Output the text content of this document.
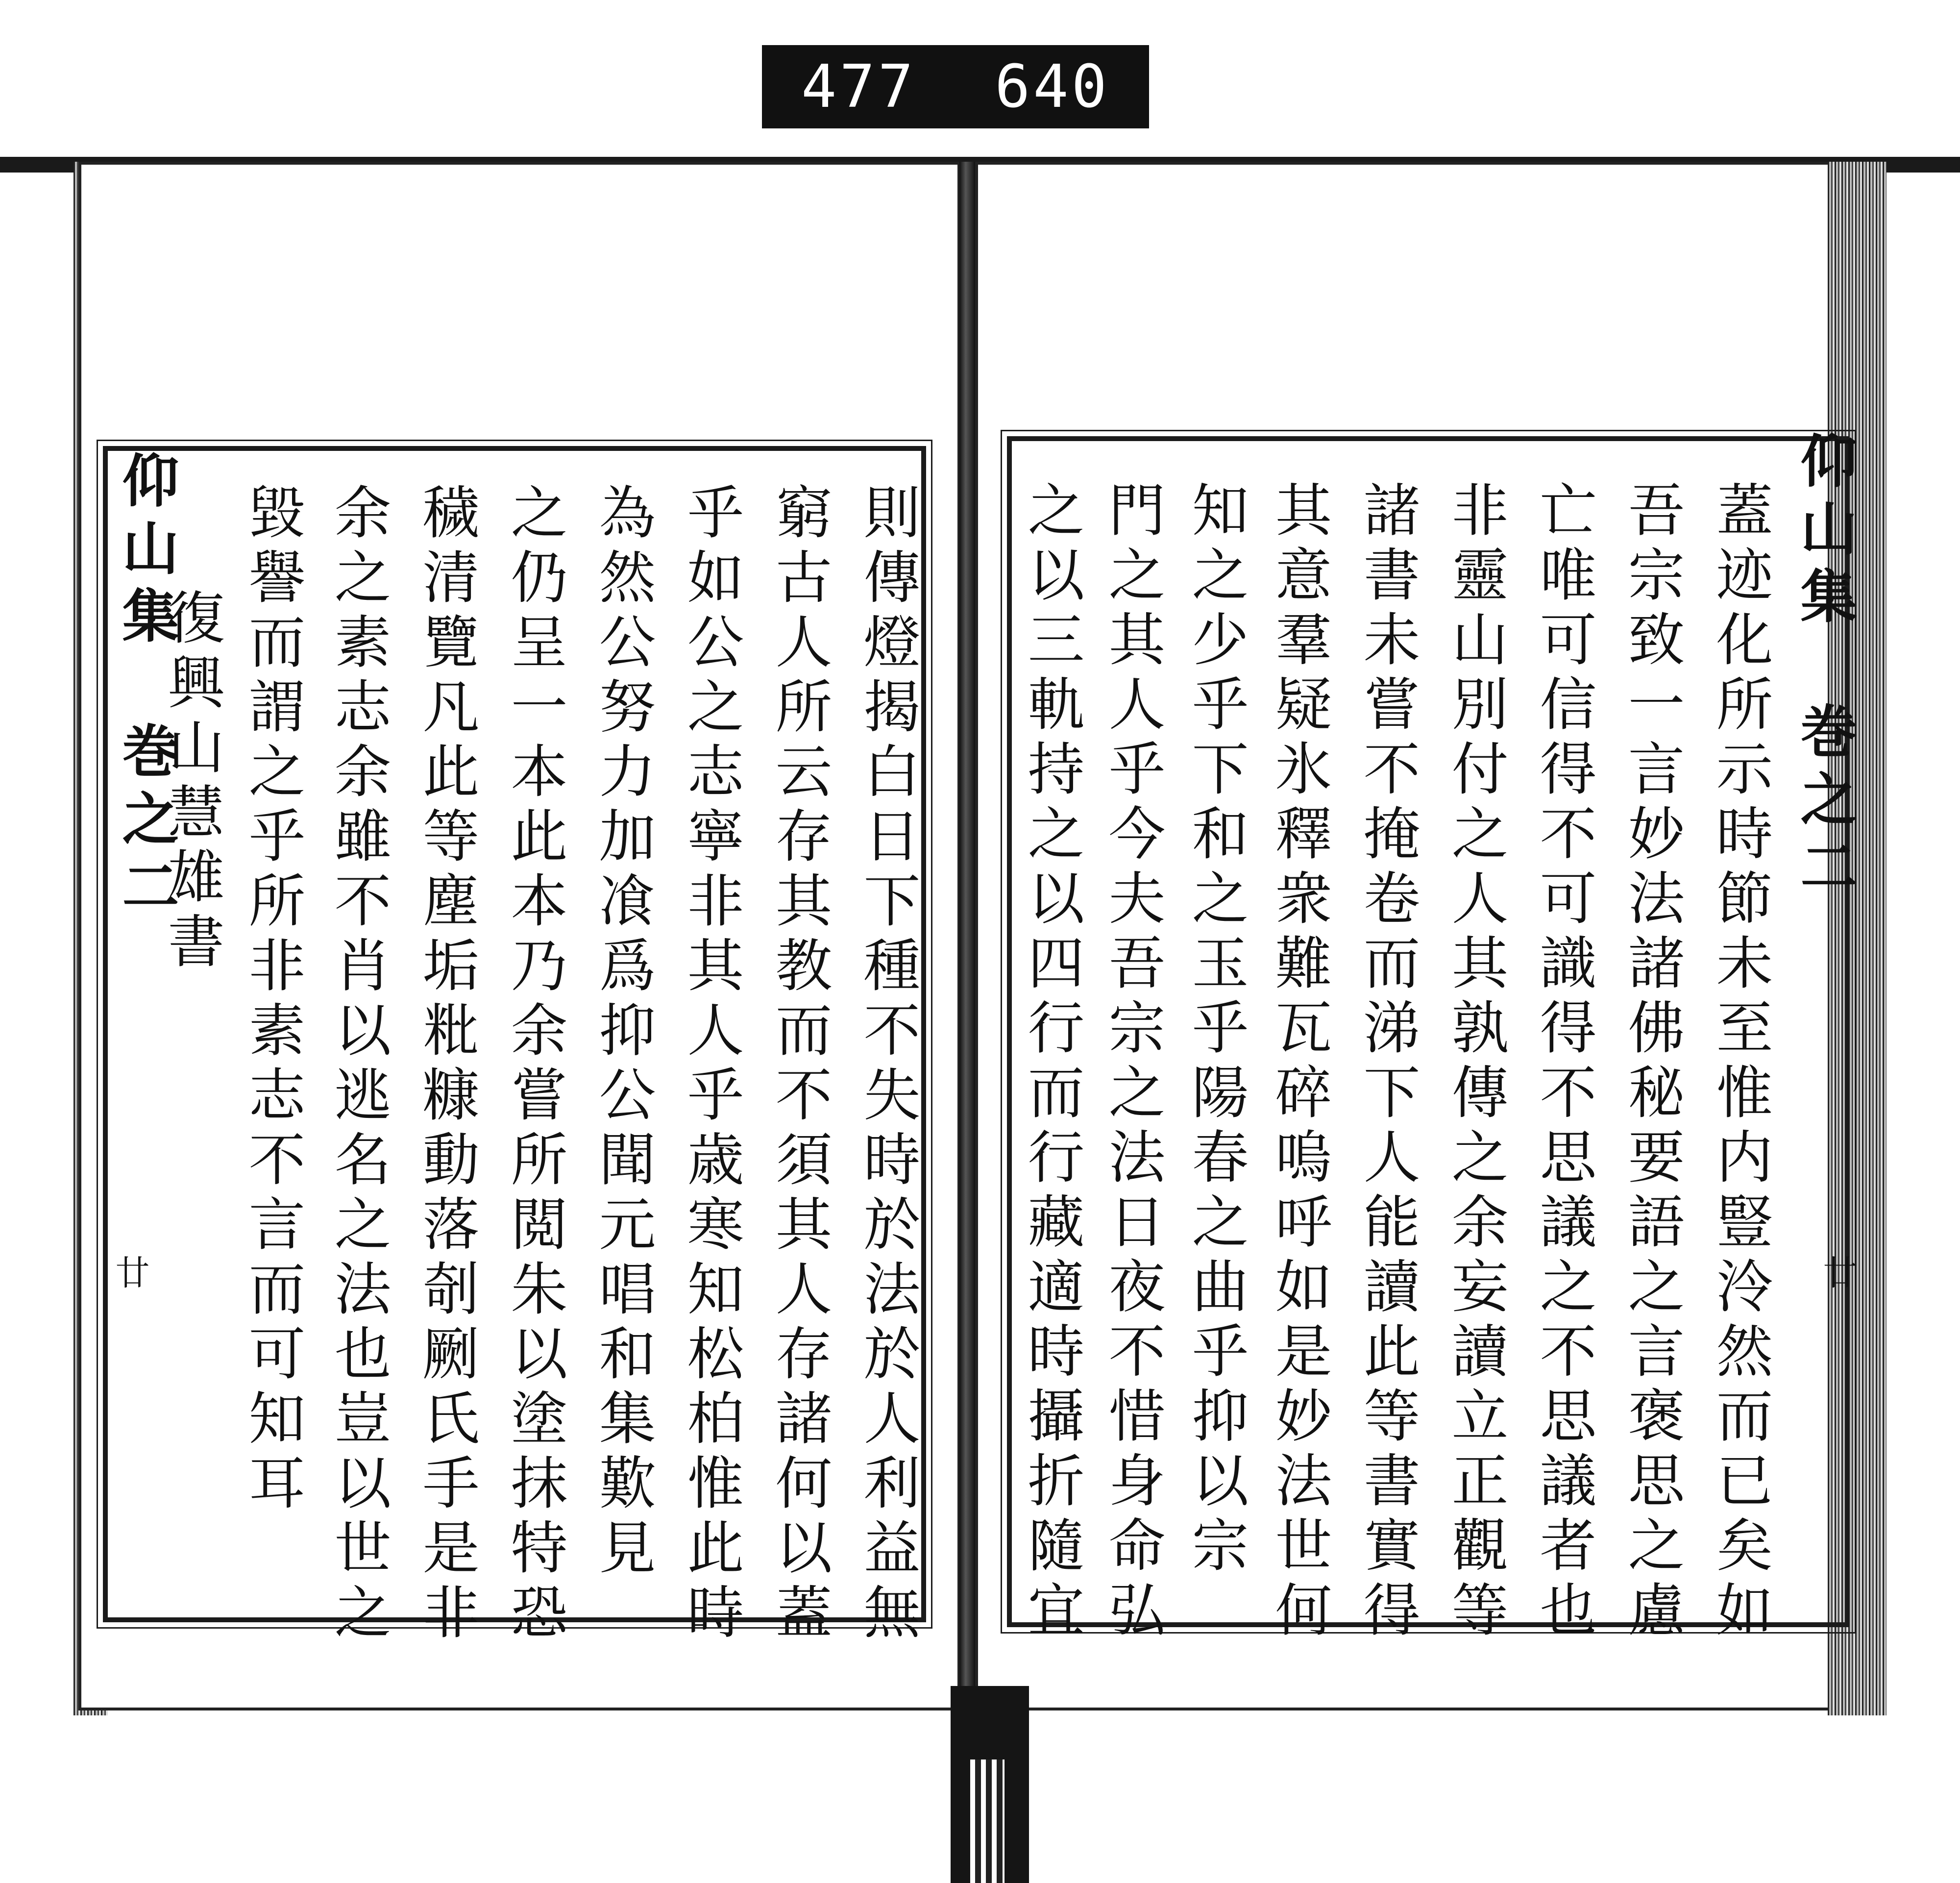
477 640
仰山集　巻之二
廿
仰山集　巻之二
廿
則傳燈揭白日下種不失時於法於人利益無
窮古人所云存其教而不須其人存諸何以蓋
乎如公之志寧非其人乎歳寒知松柏惟此時
為然公努力加飡爲抑公聞元唱和集歎見
之仍呈一本此本乃余嘗所閲朱以塗抹特恐
穢清覽凡此等塵垢粃糠動落剞劂氏手是非
余之素志余雖不肖以逃名之法也豈以世之
毀譽而謂之乎所非素志不言而可知耳
復興山慧雄書	蓋迹化所示時節未至惟内豎泠然而已矣如
吾宗致一言妙法諸佛秘要語之言褒思之慮
亡唯可信得不可識得不思議之不思議者也
非靈山別付之人其孰傳之余妄讀立正觀等
諸書未嘗不掩卷而涕下人能讀此等書實得
其意羣疑氷釋衆難瓦碎嗚呼如是妙法世何
知之少乎下和之玉乎陽春之曲乎抑以宗
門之其人乎今夫吾宗之法日夜不惜身命弘
之以三軌持之以四行而行藏適時攝折隨宜
